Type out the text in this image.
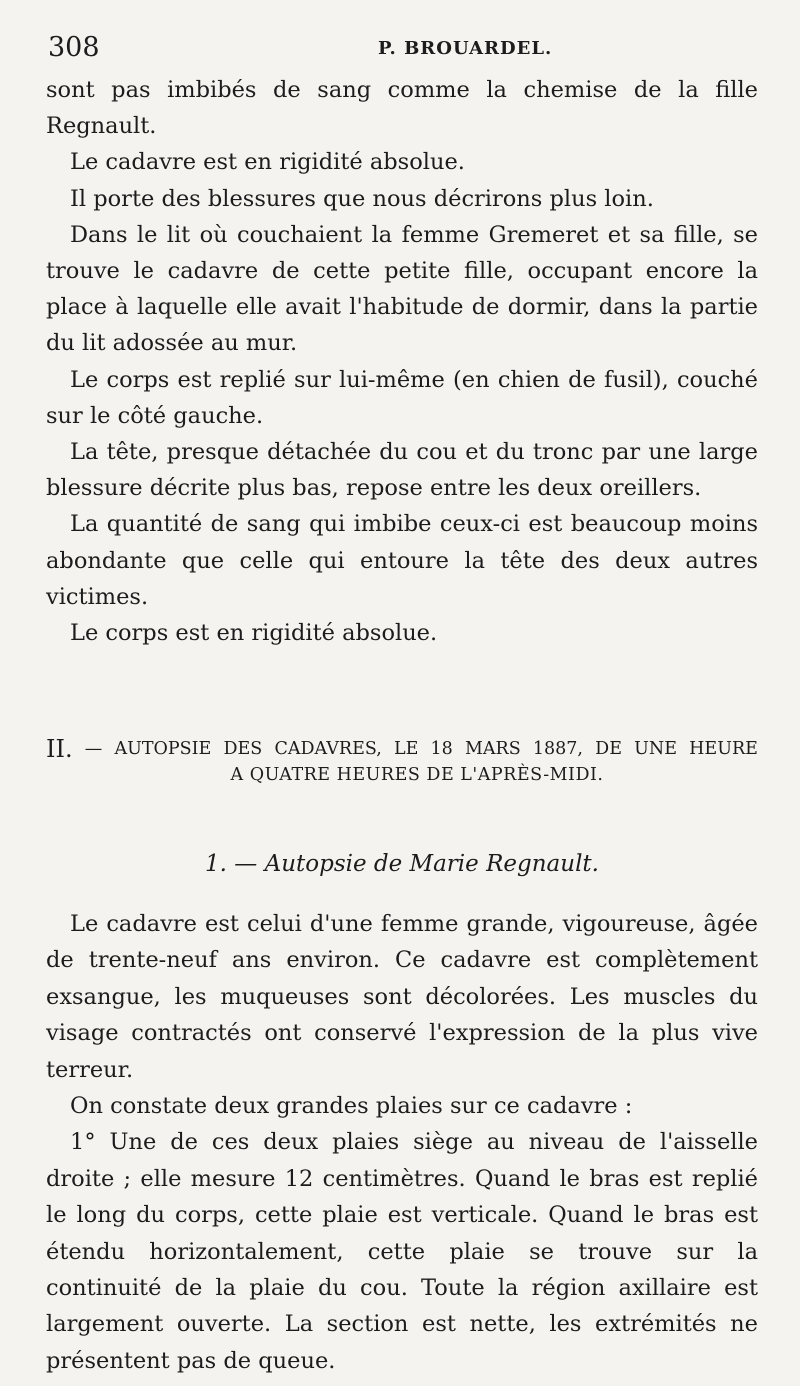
308	P. BROUARDEL.

sont pas imbibés de sang comme la chemise de la fille Regnault.

Le cadavre est en rigidité absolue.

Il porte des blessures que nous décrirons plus loin.

Dans le lit où couchaient la femme Gremeret et sa fille, se trouve le cadavre de cette petite fille, occupant encore la place à laquelle elle avait l'habitude de dormir, dans la partie du lit adossée au mur.

Le corps est replié sur lui-même (en chien de fusil), couché sur le côté gauche.

La tête, presque détachée du cou et du tronc par une large blessure décrite plus bas, repose entre les deux oreillers.

La quantité de sang qui imbibe ceux-ci est beaucoup moins abondante que celle qui entoure la tête des deux autres victimes.

Le corps est en rigidité absolue.

II. — AUTOPSIE DES CADAVRES, LE 18 MARS 1887, DE UNE HEURE
A QUATRE HEURES DE L'APRÈS-MIDI.
1. — Autopsie de Marie Regnault.

Le cadavre est celui d'une femme grande, vigoureuse, âgée de trente-neuf ans environ. Ce cadavre est complètement exsangue, les muqueuses sont décolorées. Les muscles du visage contractés ont conservé l'expression de la plus vive terreur.

On constate deux grandes plaies sur ce cadavre :

1° Une de ces deux plaies siège au niveau de l'aisselle droite ; elle mesure 12 centimètres. Quand le bras est replié le long du corps, cette plaie est verticale. Quand le bras est étendu horizontalement, cette plaie se trouve sur la continuité de la plaie du cou. Toute la région axillaire est largement ouverte. La section est nette, les extrémités ne présentent pas de queue.
